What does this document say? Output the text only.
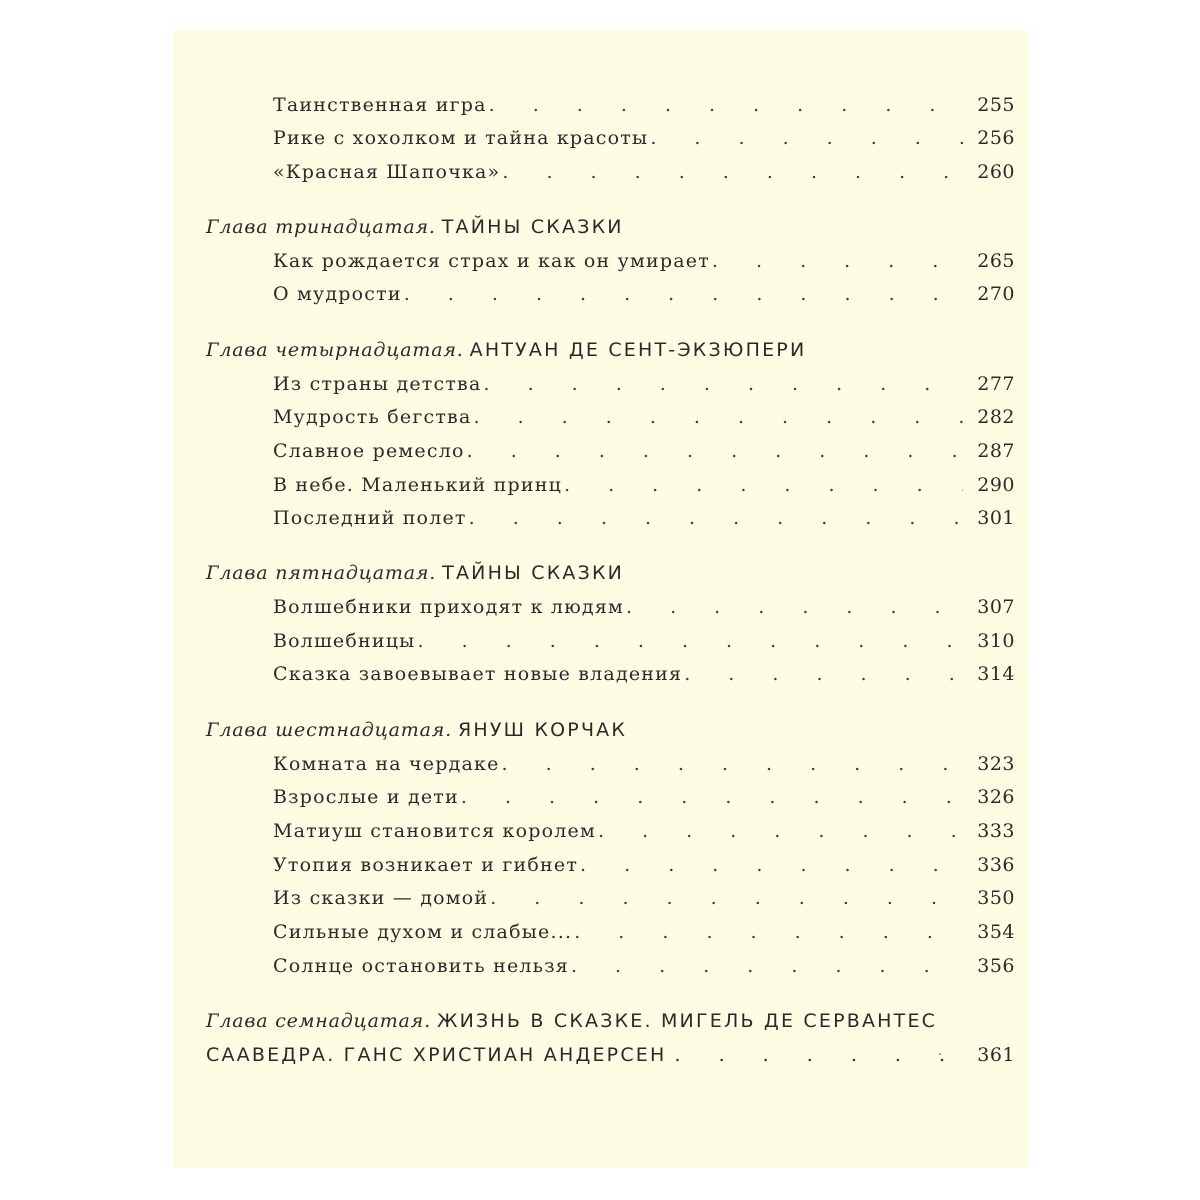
Таинственная игра . . .	255
Рике с хохолком и тайна красоты . . .	256
«Красная Шапочка» . . .	260
Глава тринадцатая. ТАЙНЫ СКАЗКИ
Как рождается страх и как он умирает . . .	265
О мудрости . . .	270
Глава четырнадцатая. АНТУАН ДЕ СЕНТ-ЭКЗЮПЕРИ
Из страны детства . . .	277
Мудрость бегства . . .	282
Славное ремесло . . .	287
В небе. Маленький принц . . .	290
Последний полет . . .	301
Глава пятнадцатая. ТАЙНЫ СКАЗКИ
Волшебники приходят к людям . . .	307
Волшебницы . . .	310
Сказка завоевывает новые владения . . .	314
Глава шестнадцатая. ЯНУШ КОРЧАК
Комната на чердаке . . .	323
Взрослые и дети . . .	326
Матиуш становится королем . . .	333
Утопия возникает и гибнет . . .	336
Из сказки — домой . . .	350
Сильные духом и слабые... . . .	354
Солнце остановить нельзя . . .	356
Глава семнадцатая. ЖИЗНЬ В СКАЗКЕ. МИГЕЛЬ ДЕ СЕРВАНТЕС
СААВЕДРА. ГАНС ХРИСТИАН АНДЕРСЕН . . .	361
